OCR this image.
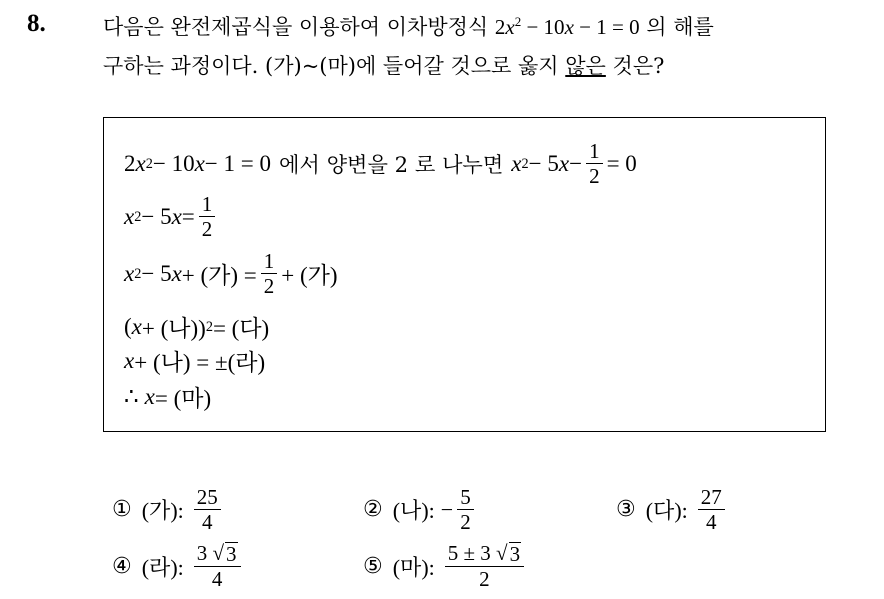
8.	다음은 완전제곱식을 이용하여 이차방정식 $2x^2 - 10x - 1 = 0$ 의 해를
구하는 과정이다. (가)~(마)에 들어갈 것으로 옳지 않은 것은?
2 x 2 − 10 x − 1 = 0 에서 양변을 2 로 나누면 x 2 − 5 $x - \frac{1}{2} = 0$
x 2 − 5 $x = \frac{1}{2}$
x 2 − 5 x + (가) = $\frac{1}{2}$ + (가)
( x + (나)) 2 = (다)
x + (나) = ±(라)
∴ x = (마)
① (가): $\frac{25}{4}$	② (나): − $\frac{5}{2}$	③ (다): $\frac{27}{4}$
④ (라): $\frac{3 √ 3}{4}$	⑤ (마): $\frac{5 \pm 3 √ 3}{2}$
